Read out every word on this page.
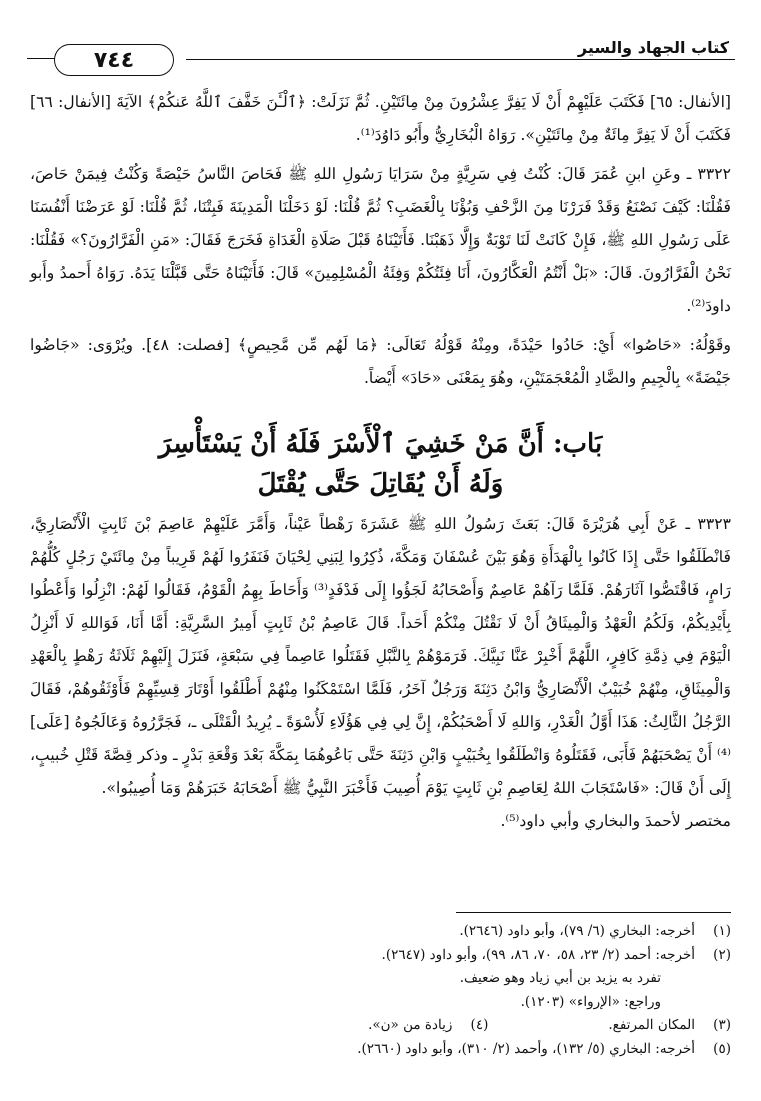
كتاب الجهاد والسير
٧٤٤

[الأنفال: ٦٥] فَكَتَبَ عَلَيْهِمْ أَنْ لَا يَفِرَّ عِشْرُونَ مِنْ مِائَتَيْنِ. ثُمَّ نَزَلَتْ: ﴿ٱلْـَٔنَ خَفَّفَ ٱللَّهُ عَنكُمْ﴾ الآيَةَ [الأنفال: ٦٦] فَكَتَبَ أَنْ لَا يَفِرَّ مِائَةٌ مِنْ مِائَتَيْنِ». رَوَاهُ الْبُخَارِيُّ وأَبُو دَاوُدَ⁽¹⁾.

٣٣٢٢ ـ وعَنِ ابنِ عُمَرَ قَالَ: كُنْتُ فِي سَرِيَّةٍ مِنْ سَرَايَا رَسُولِ اللهِ ﷺ فَحَاصَ النَّاسُ حَيْصَةً وَكُنْتُ فِيمَنْ حَاصَ، فَقُلْنَا: كَيْفَ نَصْنَعُ وَقَدْ فَرَرْنَا مِنَ الزَّحْفِ وَبُؤْنَا بِالْغَضَبِ؟ ثُمَّ قُلْنَا: لَوْ دَخَلْنَا الْمَدِينَةَ فَبِتْنَا، ثُمَّ قُلْنَا: لَوْ عَرَضْنَا أَنْفُسَنَا عَلَى رَسُولِ اللهِ ﷺ، فَإِنْ كَانَتْ لَنَا تَوْبَةٌ وَإِلَّا ذَهَبْنَا. فَأَتَيْنَاهُ قَبْلَ صَلَاةِ الْغَدَاةِ فَخَرَجَ فَقَالَ: «مَنِ الْفَرَّارُونَ؟» فَقُلْنَا: نَحْنُ الْفَرَّارُونَ. قَالَ: «بَلْ أَنْتُمُ الْعَكَّارُونَ، أَنَا فِئَتُكُمْ وَفِئَةُ الْمُسْلِمِينَ» قَالَ: فَأَتَيْنَاهُ حَتَّى قَبَّلْنَا يَدَهُ. رَوَاهُ أَحمدُ وأَبو داودَ⁽²⁾.

وقَوْلُهُ: «حَاصُوا» أَيْ: حَادُوا حَيْدَةً، ومِنْهُ قَوْلُهُ تَعَالَى: ﴿مَا لَهُم مِّن مَّحِيصٍ﴾ [فصلت: ٤٨]. ويُرْوَى: «جَاضُوا جَيْضَةً» بِالْجِيمِ والضَّادِ الْمُعْجَمَتَيْنِ، وهُوَ بِمَعْنَى «حَادَ» أَيْضاً.

بَاب: أَنَّ مَنْ خَشِيَ ٱلْأَسْرَ فَلَهُ أَنْ يَسْتَأْسِرَ
وَلَهُ أَنْ يُقَاتِلَ حَتَّى يُقْتَلَ

٣٣٢٣ ـ عَنْ أَبِي هُرَيْرَةَ قَالَ: بَعَثَ رَسُولُ اللهِ ﷺ عَشَرَةَ رَهْطاً عَيْناً، وَأَمَّرَ عَلَيْهِمْ عَاصِمَ بْنَ ثَابِتٍ الْأَنْصَارِيَّ، فَانْطَلَقُوا حَتَّى إِذَا كَانُوا بِالْهَدَأَةِ وَهُوَ بَيْنَ عُسْفَانَ وَمَكَّةَ، ذُكِرُوا لِبَنِي لِحْيَانَ فَنَفَرُوا لَهُمْ قَرِيباً مِنْ مِائَتَيْ رَجُلٍ كُلُّهُمْ رَامٍ، فَاقْتَصُّوا آثَارَهُمْ. فَلَمَّا رَآهُمْ عَاصِمٌ وَأَصْحَابُهُ لَجَؤُوا إِلَى فَدْفَدٍ⁽³⁾ وَأَحَاطَ بِهِمُ الْقَوْمُ، فَقَالُوا لَهُمْ: انْزِلُوا وَأَعْطُوا بِأَيْدِيكُمْ، وَلَكُمُ الْعَهْدُ وَالْمِيثَاقُ أَنْ لَا نَقْتُلَ مِنْكُمْ أَحَداً. قَالَ عَاصِمُ بْنُ ثَابِتٍ أَمِيرُ السَّرِيَّةِ: أَمَّا أَنَا، فَوَاللهِ لَا أَنْزِلُ الْيَوْمَ فِي ذِمَّةِ كَافِرٍ، اللَّهُمَّ أَخْبِرْ عَنَّا نَبِيَّكَ. فَرَمَوْهُمْ بِالنَّبْلِ فَقَتَلُوا عَاصِماً فِي سَبْعَةٍ، فَنَزَلَ إِلَيْهِمْ ثَلَاثَةُ رَهْطٍ بِالْعَهْدِ وَالْمِيثَاقِ، مِنْهُمْ خُبَيْبٌ الْأَنْصَارِيُّ وَابْنُ دَثِنَةَ وَرَجُلٌ آخَرُ، فَلَمَّا اسْتَمْكَنُوا مِنْهُمْ أَطْلَقُوا أَوْتَارَ قِسِيِّهِمْ فَأَوْثَقُوهُمْ، فَقَالَ الرَّجُلُ الثَّالِثُ: هَذَا أَوَّلُ الْغَدْرِ، وَاللهِ لَا أَصْحَبُكُمْ، إِنَّ لِي فِي هَؤُلَاءِ لَأُسْوَةً ـ يُرِيدُ الْقَتْلَى ـ، فَجَرَّرُوهُ وَعَالَجُوهُ [عَلَى]⁽⁴⁾ أَنْ يَصْحَبَهُمْ فَأَبَى، فَقَتَلُوهُ وَانْطَلَقُوا بِخُبَيْبٍ وَابْنِ دَثِنَةَ حَتَّى بَاعُوهُمَا بِمَكَّةَ بَعْدَ وَقْعَةِ بَدْرٍ ـ وذكر قِصَّةَ قَتْلِ خُبيبٍ، إِلَى أَنْ قَالَ: «فَاسْتَجَابَ اللهُ لِعَاصِمِ بْنِ ثَابِتٍ يَوْمَ أُصِيبَ فَأَخْبَرَ النَّبِيُّ ﷺ أَصْحَابَهُ خَبَرَهُمْ وَمَا أُصِيبُوا».

مختصر لأحمدَ والبخاري وأبي داود⁽⁵⁾.

(١)
أخرجه: البخاري (٦/ ٧٩)، وأبو داود (٢٦٤٦).
(٢)
أخرجه: أحمد (٢/ ٢٣، ٥٨، ٧٠، ٨٦، ٩٩)، وأبو داود (٢٦٤٧).
تفرد به يزيد بن أبي زياد وهو ضعيف.
وراجع: «الإرواء» (١٢٠٣).
(٣)
المكان المرتفع.
(٤)
زيادة من «ن».
(٥)
أخرجه: البخاري (٥/ ١٣٢)، وأحمد (٢/ ٣١٠)، وأبو داود (٢٦٦٠).
